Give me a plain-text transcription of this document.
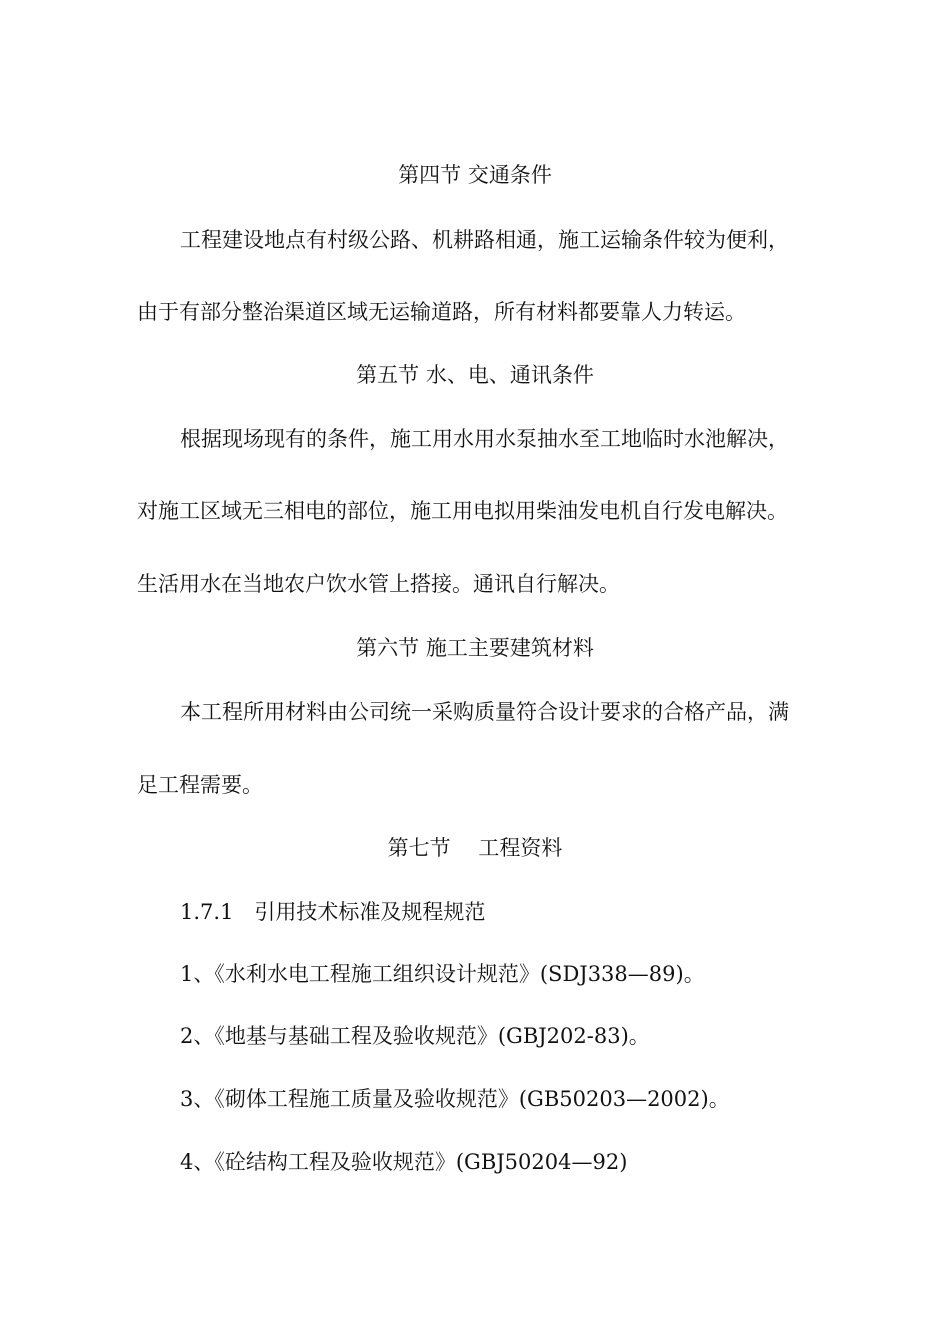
第四节 交通条件
工程建设地点有村级公路、机耕路相通，施工运输条件较为便利，
由于有部分整治渠道区域无运输道路，所有材料都要靠人力转运。
第五节 水、电、通讯条件
根据现场现有的条件，施工用水用水泵抽水至工地临时水池解决，
对施工区域无三相电的部位，施工用电拟用柴油发电机自行发电解决。
生活用水在当地农户饮水管上搭接。通讯自行解决。
第六节 施工主要建筑材料
本工程所用材料由公司统一采购质量符合设计要求的合格产品，满
足工程需要。
第七节　 工程资料
1.7.1　引用技术标准及规程规范
1、《水利水电工程施工组织设计规范》(SDJ338—89)。
2、《地基与基础工程及验收规范》(GBJ202-83)。
3、《砌体工程施工质量及验收规范》(GB50203—2002)。
4、《砼结构工程及验收规范》(GBJ50204—92)
